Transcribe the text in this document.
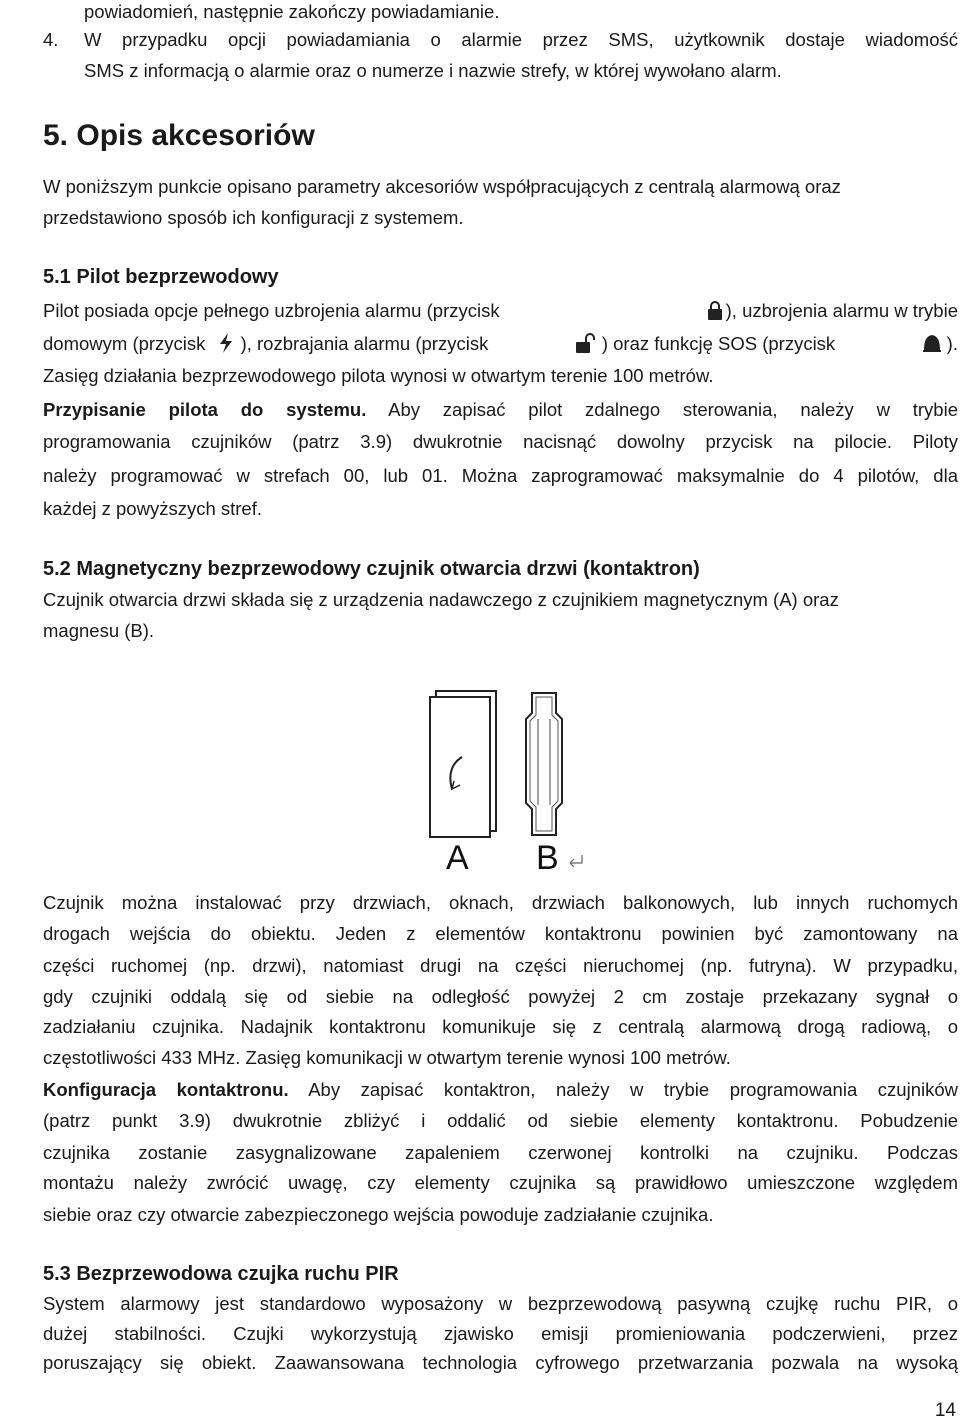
powiadomień, następnie zakończy powiadamianie.
4. W przypadku opcji powiadamiania o alarmie przez SMS, użytkownik dostaje wiadomość
SMS z informacją o alarmie oraz o numerze i nazwie strefy, w której wywołano alarm.
5. Opis akcesoriów
W poniższym punkcie opisano parametry akcesoriów współpracujących z centralą alarmową oraz
przedstawiono sposób ich konfiguracji z systemem.
5.1 Pilot bezprzewodowy
Pilot posiada opcje pełnego uzbrojenia alarmu (przycisk	), uzbrojenia alarmu w trybie
domowym (przycisk ), rozbrajania alarmu (przycisk	) oraz funkcję SOS (przycisk	).
Zasięg działania bezprzewodowego pilota wynosi w otwartym terenie 100 metrów.
Przypisanie pilota do systemu. Aby zapisać pilot zdalnego sterowania, należy w trybie
programowania czujników (patrz 3.9) dwukrotnie nacisnąć dowolny przycisk na pilocie. Piloty
należy programować w strefach 00, lub 01. Można zaprogramować maksymalnie do 4 pilotów, dla
każdej z powyższych stref.
5.2 Magnetyczny bezprzewodowy czujnik otwarcia drzwi (kontaktron)
Czujnik otwarcia drzwi składa się z urządzenia nadawczego z czujnikiem magnetycznym (A) oraz
magnesu (B).
A B
Czujnik można instalować przy drzwiach, oknach, drzwiach balkonowych, lub innych ruchomych
drogach wejścia do obiektu. Jeden z elementów kontaktronu powinien być zamontowany na
części ruchomej (np. drzwi), natomiast drugi na części nieruchomej (np. futryna). W przypadku,
gdy czujniki oddalą się od siebie na odległość powyżej 2 cm zostaje przekazany sygnał o
zadziałaniu czujnika. Nadajnik kontaktronu komunikuje się z centralą alarmową drogą radiową, o
częstotliwości 433 MHz. Zasięg komunikacji w otwartym terenie wynosi 100 metrów.
Konfiguracja kontaktronu. Aby zapisać kontaktron, należy w trybie programowania czujników
(patrz punkt 3.9) dwukrotnie zbliżyć i oddalić od siebie elementy kontaktronu. Pobudzenie
czujnika zostanie zasygnalizowane zapaleniem czerwonej kontrolki na czujniku. Podczas
montażu należy zwrócić uwagę, czy elementy czujnika są prawidłowo umieszczone względem
siebie oraz czy otwarcie zabezpieczonego wejścia powoduje zadziałanie czujnika.
5.3 Bezprzewodowa czujka ruchu PIR
System alarmowy jest standardowo wyposażony w bezprzewodową pasywną czujkę ruchu PIR, o
dużej stabilności. Czujki wykorzystują zjawisko emisji promieniowania podczerwieni, przez
poruszający się obiekt. Zaawansowana technologia cyfrowego przetwarzania pozwala na wysoką
14
